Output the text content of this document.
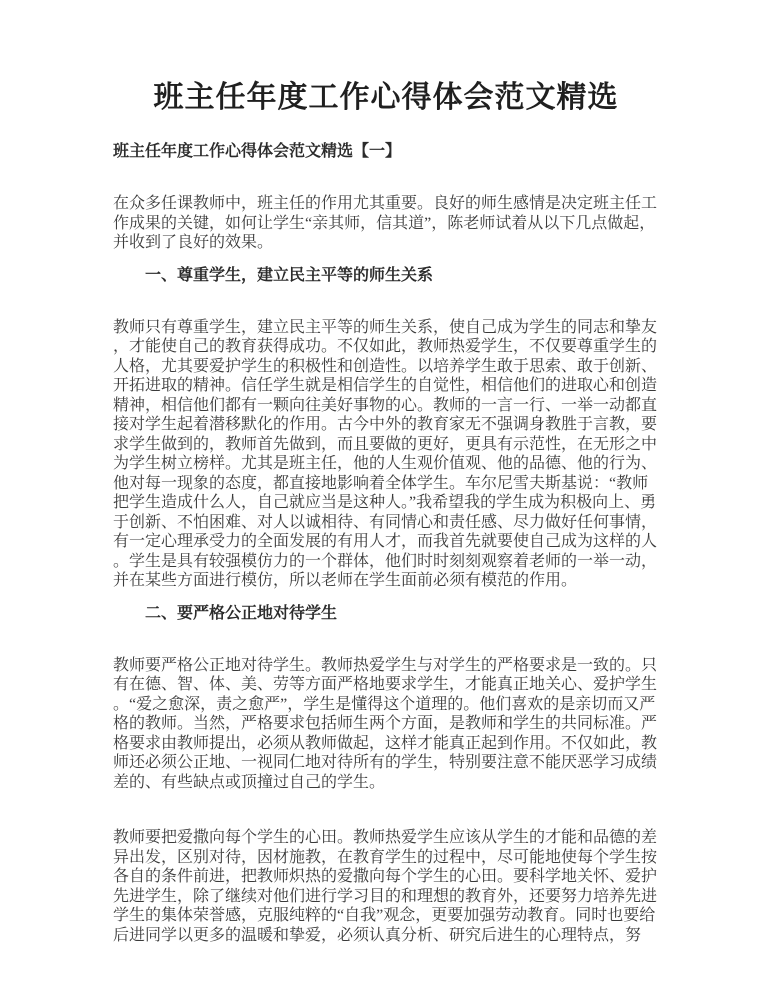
班主任年度工作心得体会范文精选
班主任年度工作心得体会范文精选【一】

在众多任课教师中，班主任的作用尤其重要。良好的师生感情是决定班主任工作成果的关键，如何让学生“亲其师，信其道”，陈老师试着从以下几点做起，并收到了良好的效果。

一、尊重学生，建立民主平等的师生关系

教师只有尊重学生，建立民主平等的师生关系，使自己成为学生的同志和挚友，才能使自己的教育获得成功。不仅如此，教师热爱学生，不仅要尊重学生的人格，尤其要爱护学生的积极性和创造性。以培养学生敢于思索、敢于创新、开拓进取的精神。信任学生就是相信学生的自觉性，相信他们的进取心和创造精神，相信他们都有一颗向往美好事物的心。教师的一言一行、一举一动都直接对学生起着潜移默化的作用。古今中外的教育家无不强调身教胜于言教，要求学生做到的，教师首先做到，而且要做的更好，更具有示范性，在无形之中为学生树立榜样。尤其是班主任，他的人生观价值观、他的品德、他的行为、他对每一现象的态度，都直接地影响着全体学生。车尔尼雪夫斯基说：“教师把学生造成什么人，自己就应当是这种人。”我希望我的学生成为积极向上、勇于创新、不怕困难、对人以诚相待、有同情心和责任感、尽力做好任何事情，有一定心理承受力的全面发展的有用人才，而我首先就要使自己成为这样的人。学生是具有较强模仿力的一个群体，他们时时刻刻观察着老师的一举一动，并在某些方面进行模仿，所以老师在学生面前必须有模范的作用。

二、要严格公正地对待学生

教师要严格公正地对待学生。教师热爱学生与对学生的严格要求是一致的。只有在德、智、体、美、劳等方面严格地要求学生，才能真正地关心、爱护学生。“爱之愈深，责之愈严”，学生是懂得这个道理的。他们喜欢的是亲切而又严格的教师。当然，严格要求包括师生两个方面，是教师和学生的共同标准。严格要求由教师提出，必须从教师做起，这样才能真正起到作用。不仅如此，教师还必须公正地、一视同仁地对待所有的学生，特别要注意不能厌恶学习成绩差的、有些缺点或顶撞过自己的学生。

教师要把爱撒向每个学生的心田。教师热爱学生应该从学生的才能和品德的差异出发，区别对待，因材施教，在教育学生的过程中，尽可能地使每个学生按各自的条件前进，把教师炽热的爱撒向每个学生的心田。要科学地关怀、爱护先进学生，除了继续对他们进行学习目的和理想的教育外，还要努力培养先进学生的集体荣誉感，克服纯粹的“自我”观念，更要加强劳动教育。同时也要给后进同学以更多的温暖和挚爱，必须认真分析、研究后进生的心理特点，努
